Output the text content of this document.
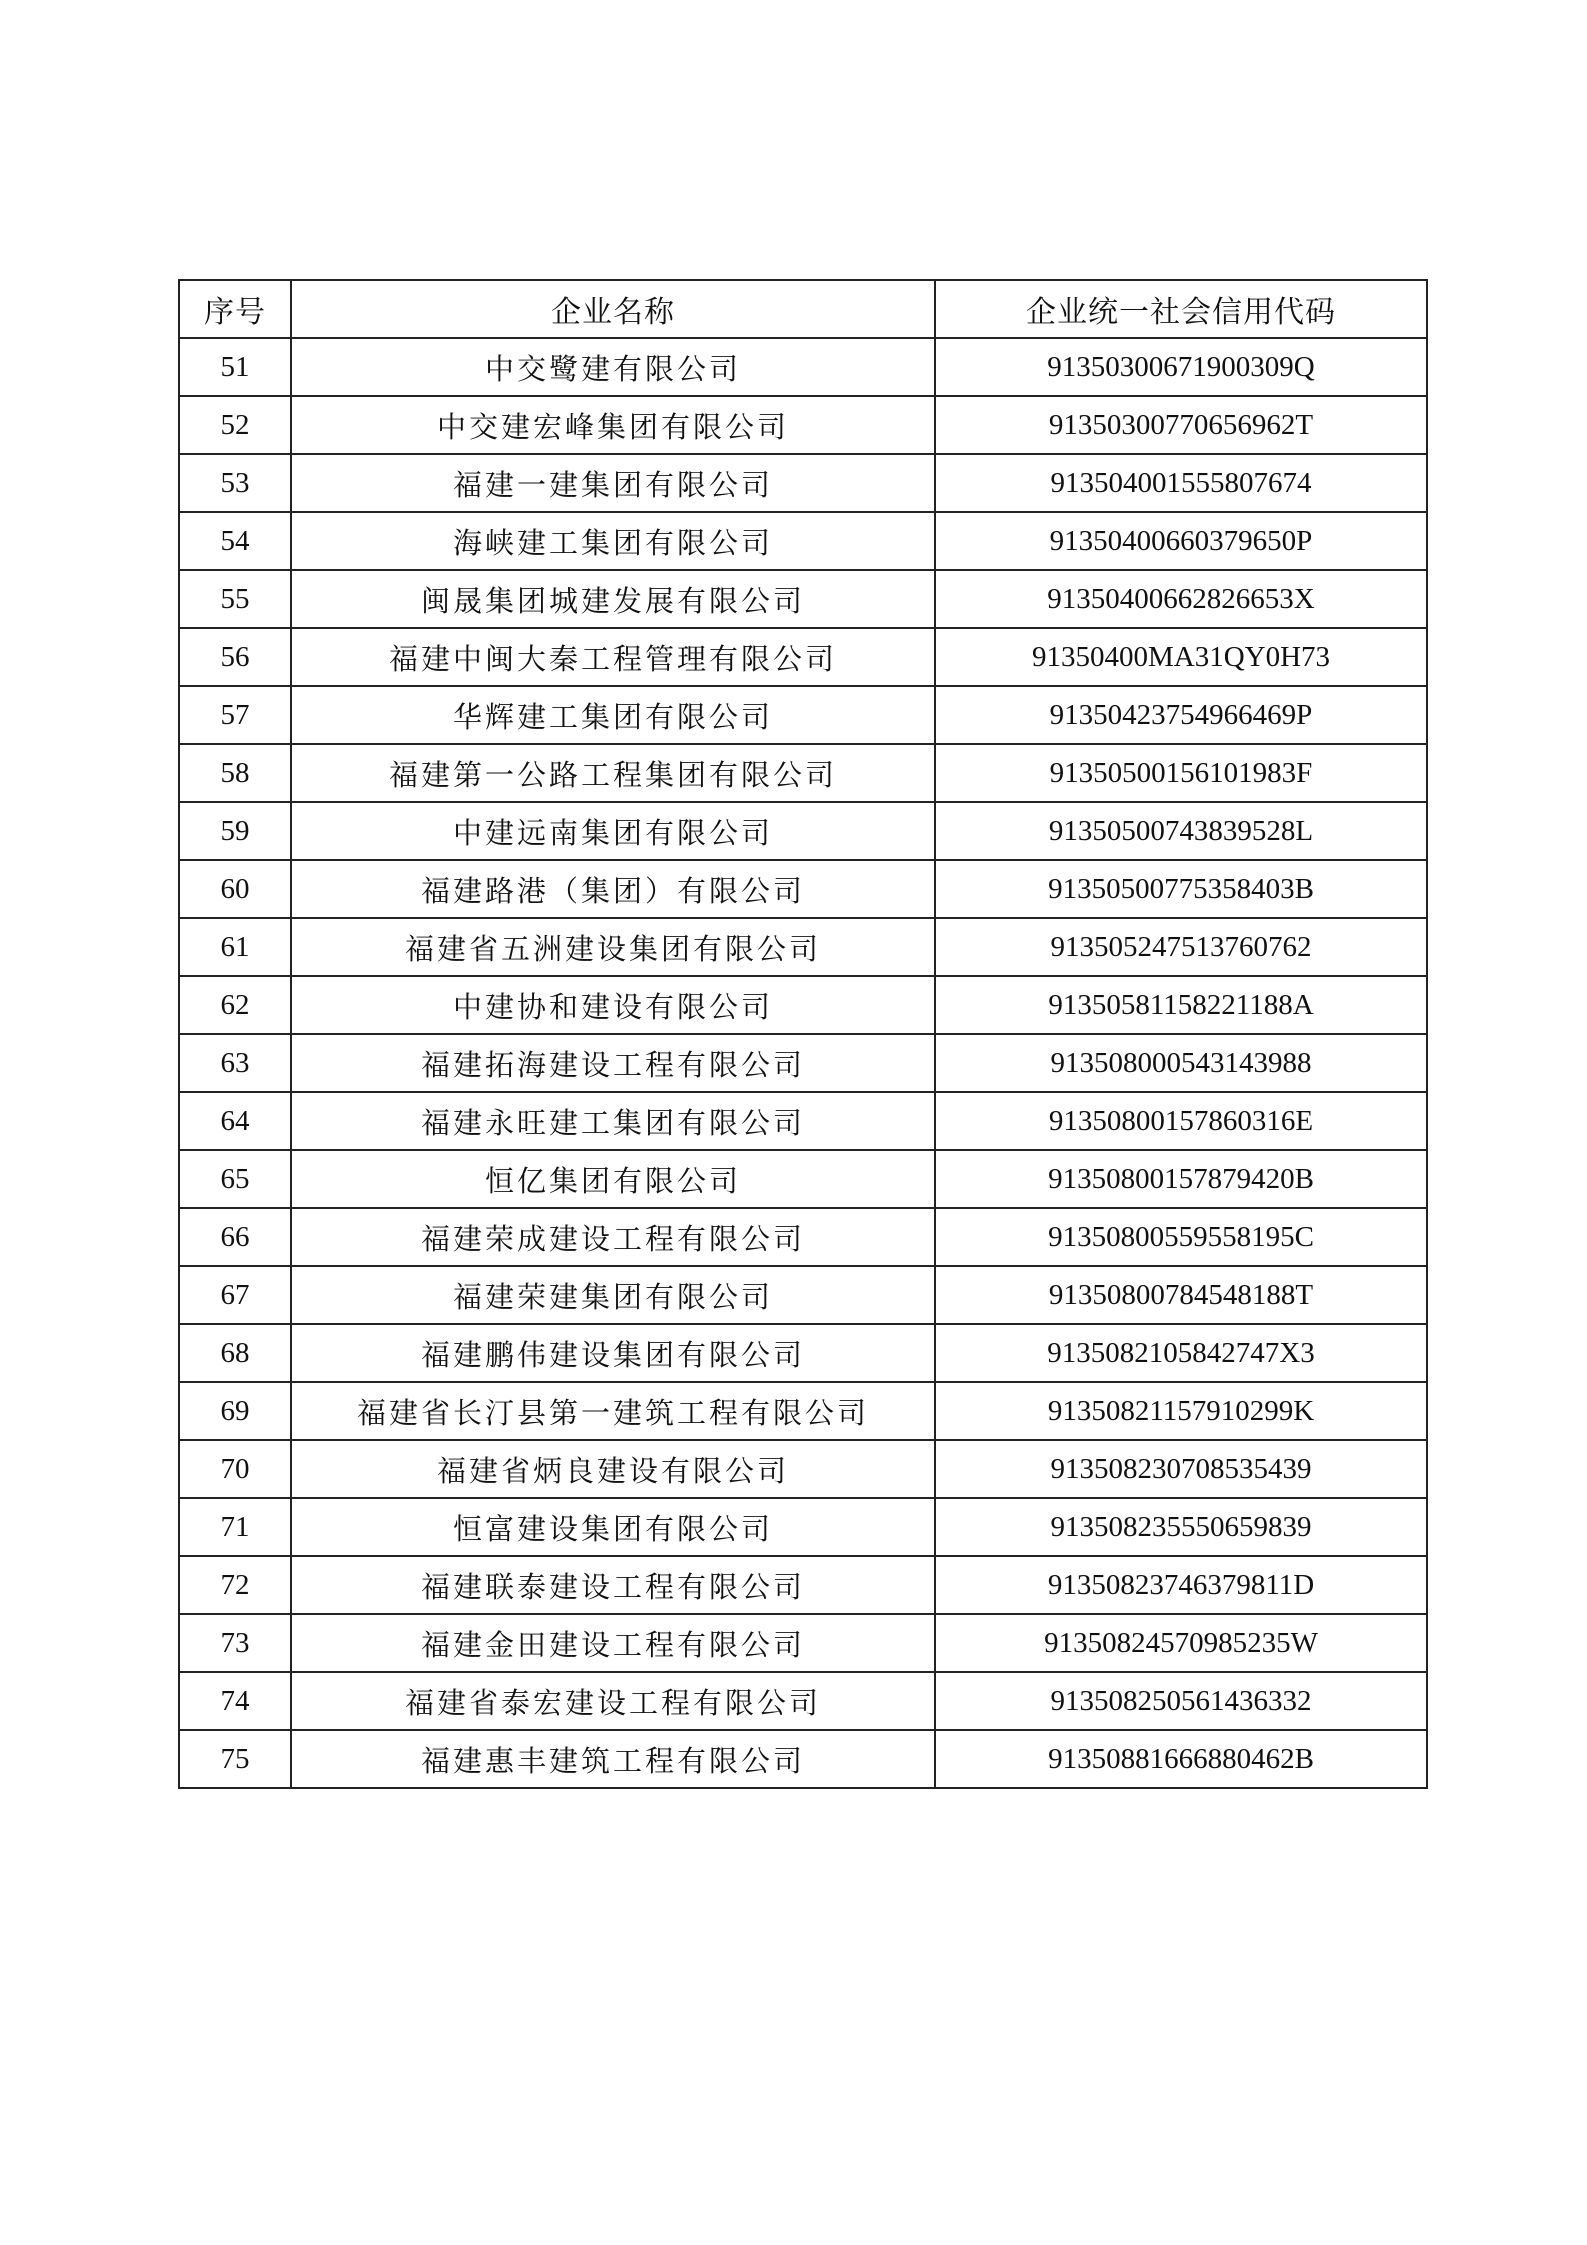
序号	企业名称	企业统一社会信用代码
51	中交鹭建有限公司	91350300671900309Q
52	中交建宏峰集团有限公司	91350300770656962T
53	福建一建集团有限公司	913504001555807674
54	海峡建工集团有限公司	91350400660379650P
55	闽晟集团城建发展有限公司	91350400662826653X
56	福建中闽大秦工程管理有限公司	91350400MA31QY0H73
57	华辉建工集团有限公司	91350423754966469P
58	福建第一公路工程集团有限公司	91350500156101983F
59	中建远南集团有限公司	91350500743839528L
60	福建路港（集团）有限公司	91350500775358403B
61	福建省五洲建设集团有限公司	913505247513760762
62	中建协和建设有限公司	91350581158221188A
63	福建拓海建设工程有限公司	913508000543143988
64	福建永旺建工集团有限公司	91350800157860316E
65	恒亿集团有限公司	91350800157879420B
66	福建荣成建设工程有限公司	91350800559558195C
67	福建荣建集团有限公司	91350800784548188T
68	福建鹏伟建设集团有限公司	9135082105842747X3
69	福建省长汀县第一建筑工程有限公司	91350821157910299K
70	福建省炳良建设有限公司	913508230708535439
71	恒富建设集团有限公司	913508235550659839
72	福建联泰建设工程有限公司	91350823746379811D
73	福建金田建设工程有限公司	91350824570985235W
74	福建省泰宏建设工程有限公司	913508250561436332
75	福建惠丰建筑工程有限公司	91350881666880462B
